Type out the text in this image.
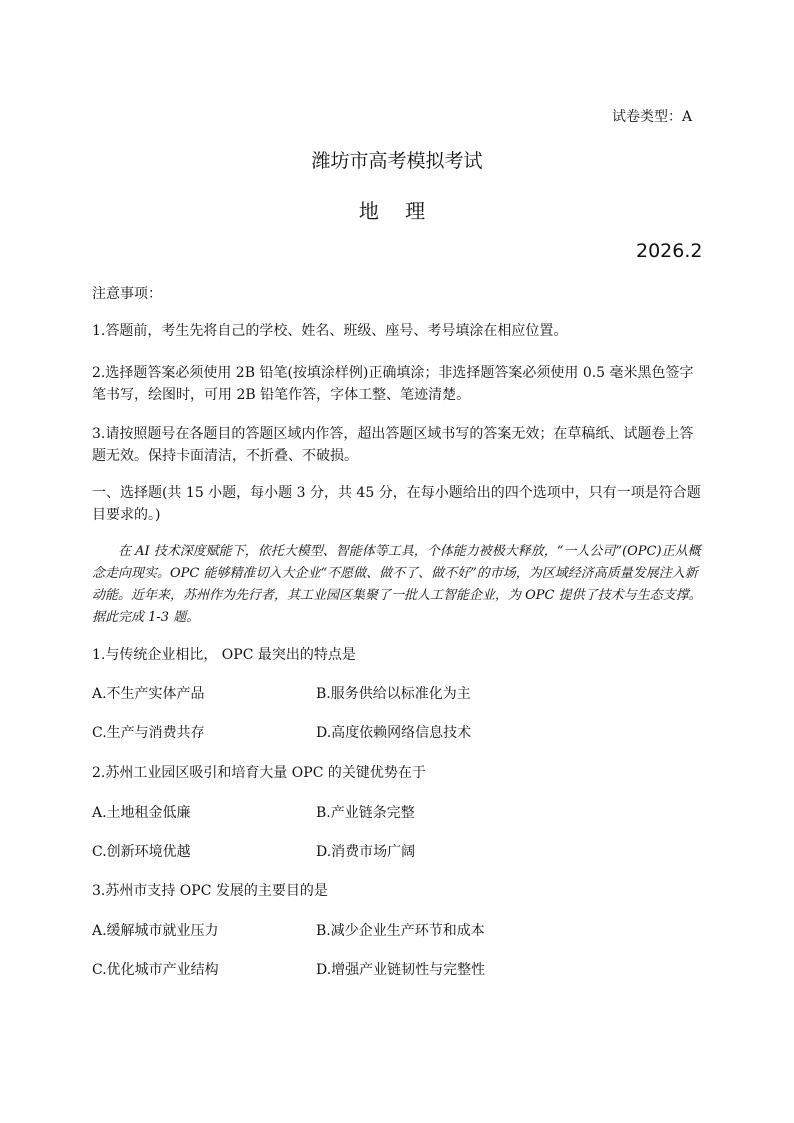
试卷类型：A
潍坊市高考模拟考试
地 理
2026.2

注意事项：

1.答题前，考生先将自己的学校、姓名、班级、座号、考号填涂在相应位置。

2.选择题答案必须使用 2B 铅笔(按填涂样例)正确填涂；非选择题答案必须使用 0.5 毫米黑色签字笔书写，绘图时，可用 2B 铅笔作答，字体工整、笔迹清楚。

3.请按照题号在各题目的答题区域内作答，超出答题区域书写的答案无效；在草稿纸、试题卷上答题无效。保持卡面清洁，不折叠、不破损。

一、选择题(共 15 小题，每小题 3 分，共 45 分，在每小题给出的四个选项中，只有一项是符合题目要求的。)

在 AI 技术深度赋能下，依托大模型、智能体等工具，个体能力被极大释放，“一人公司”(OPC)正从概念走向现实。OPC 能够精准切入大企业“不愿做、做不了、做不好”的市场，为区域经济高质量发展注入新动能。近年来，苏州作为先行者，其工业园区集聚了一批人工智能企业，为 OPC 提供了技术与生态支撑。据此完成 1-3 题。

1.与传统企业相比， OPC 最突出的特点是
A.不生产实体产品	B.服务供给以标准化为主
C.生产与消费共存	D.高度依赖网络信息技术
2.苏州工业园区吸引和培育大量 OPC 的关键优势在于
A.土地租金低廉	B.产业链条完整
C.创新环境优越	D.消费市场广阔
3.苏州市支持 OPC 发展的主要目的是
A.缓解城市就业压力	B.减少企业生产环节和成本
C.优化城市产业结构	D.增强产业链韧性与完整性
